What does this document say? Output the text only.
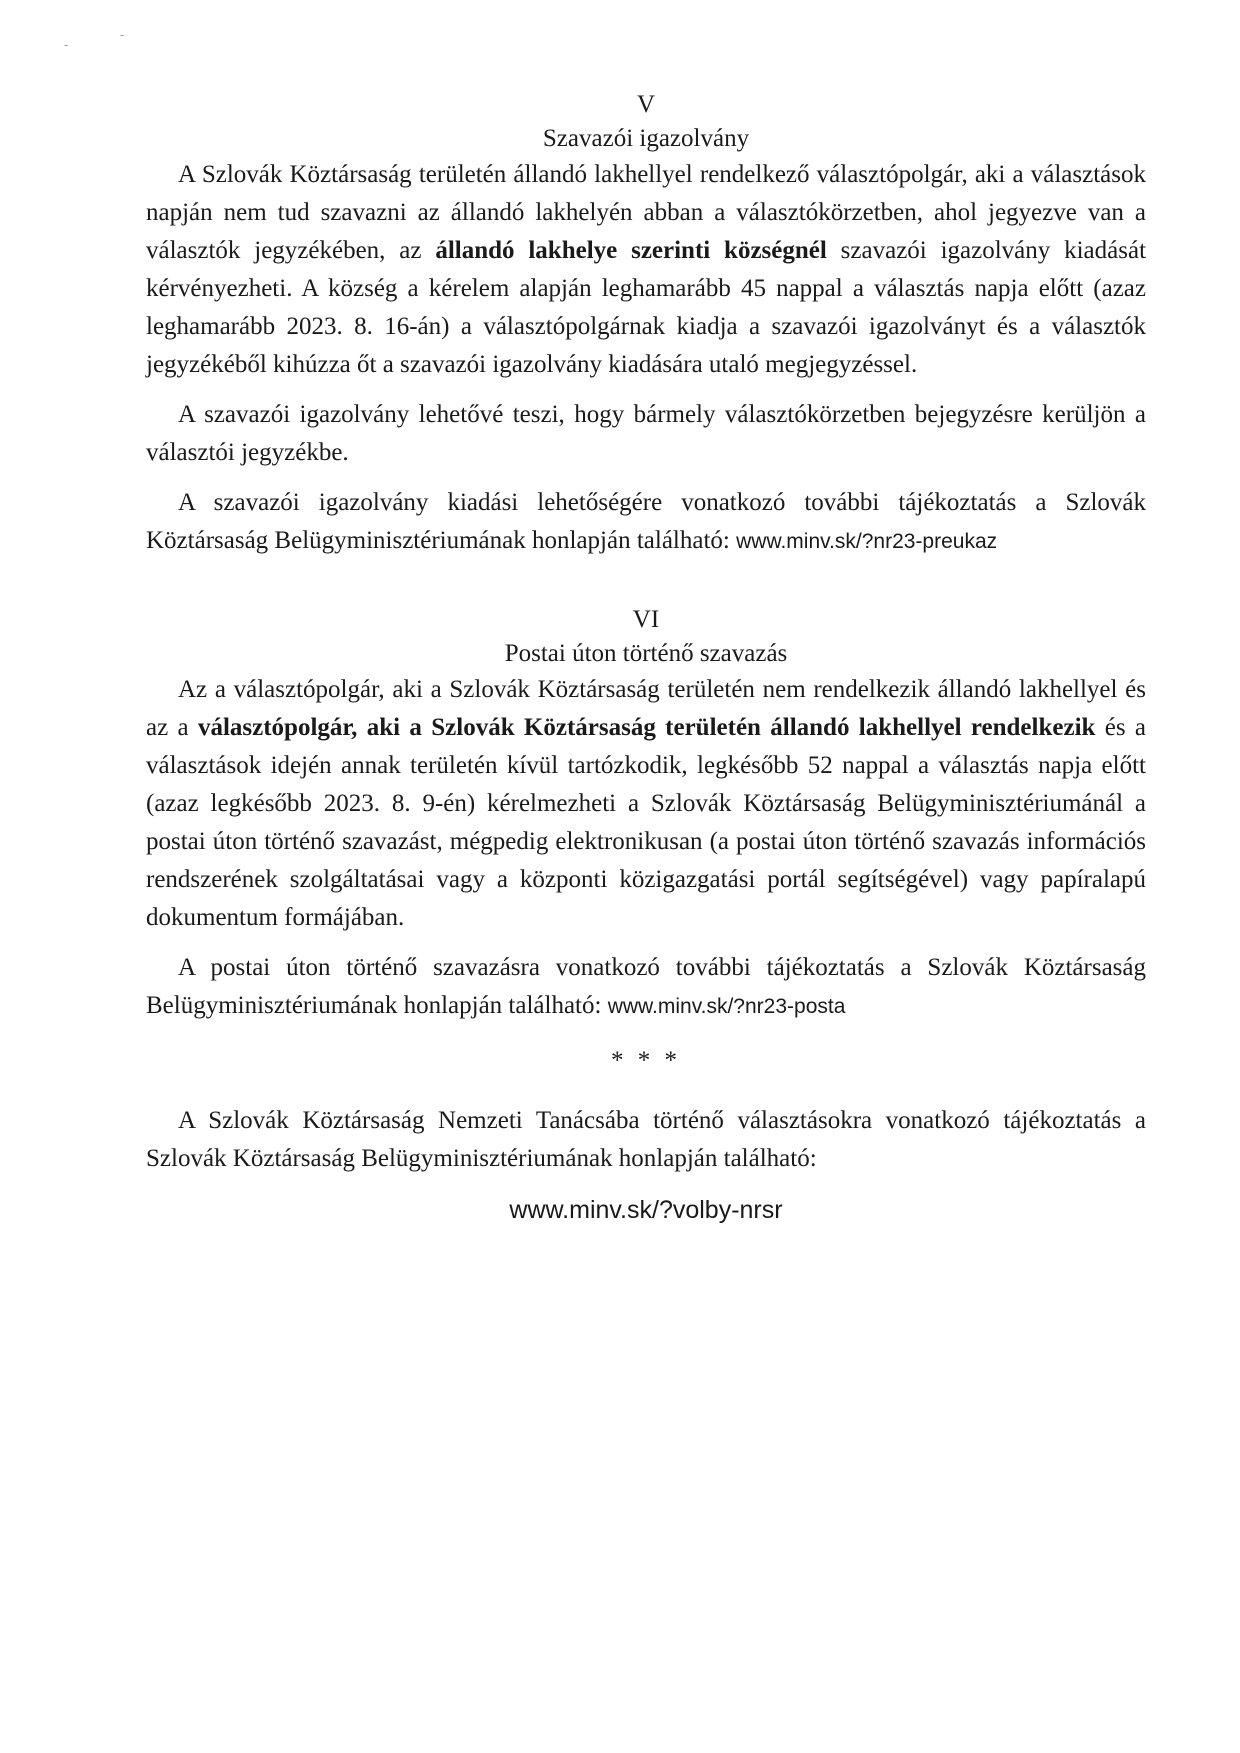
-
-

V

Szavazói igazolvány

A Szlovák Köztársaság területén állandó lakhellyel rendelkező választópolgár, aki a választások napján nem tud szavazni az állandó lakhelyén abban a választókörzetben, ahol jegyezve van a választók jegyzékében, az állandó lakhelye szerinti községnél szavazói igazolvány kiadását kérvényezheti. A község a kérelem alapján leghamarább 45 nappal a választás napja előtt (azaz leghamarább 2023. 8. 16-án) a választópolgárnak kiadja a szavazói igazolványt és a választók jegyzékéből kihúzza őt a szavazói igazolvány kiadására utaló megjegyzéssel.

A szavazói igazolvány lehetővé teszi, hogy bármely választókörzetben bejegyzésre kerüljön a választói jegyzékbe.

A szavazói igazolvány kiadási lehetőségére vonatkozó további tájékoztatás a Szlovák Köztársaság Belügyminisztériumának honlapján található: www.minv.sk/?nr23-preukaz

VI

Postai úton történő szavazás

Az a választópolgár, aki a Szlovák Köztársaság területén nem rendelkezik állandó lakhellyel és az a választópolgár, aki a Szlovák Köztársaság területén állandó lakhellyel rendelkezik és a választások idején annak területén kívül tartózkodik, legkésőbb 52 nappal a választás napja előtt (azaz legkésőbb 2023. 8. 9-én) kérelmezheti a Szlovák Köztársaság Belügyminisztériumánál a postai úton történő szavazást, mégpedig elektronikusan (a postai úton történő szavazás információs rendszerének szolgáltatásai vagy a központi közigazgatási portál segítségével) vagy papíralapú dokumentum formájában.

A postai úton történő szavazásra vonatkozó további tájékoztatás a Szlovák Köztársaság Belügyminisztériumának honlapján található: www.minv.sk/?nr23-posta

* * *

A Szlovák Köztársaság Nemzeti Tanácsába történő választásokra vonatkozó tájékoztatás a Szlovák Köztársaság Belügyminisztériumának honlapján található:

www.minv.sk/?volby-nrsr
